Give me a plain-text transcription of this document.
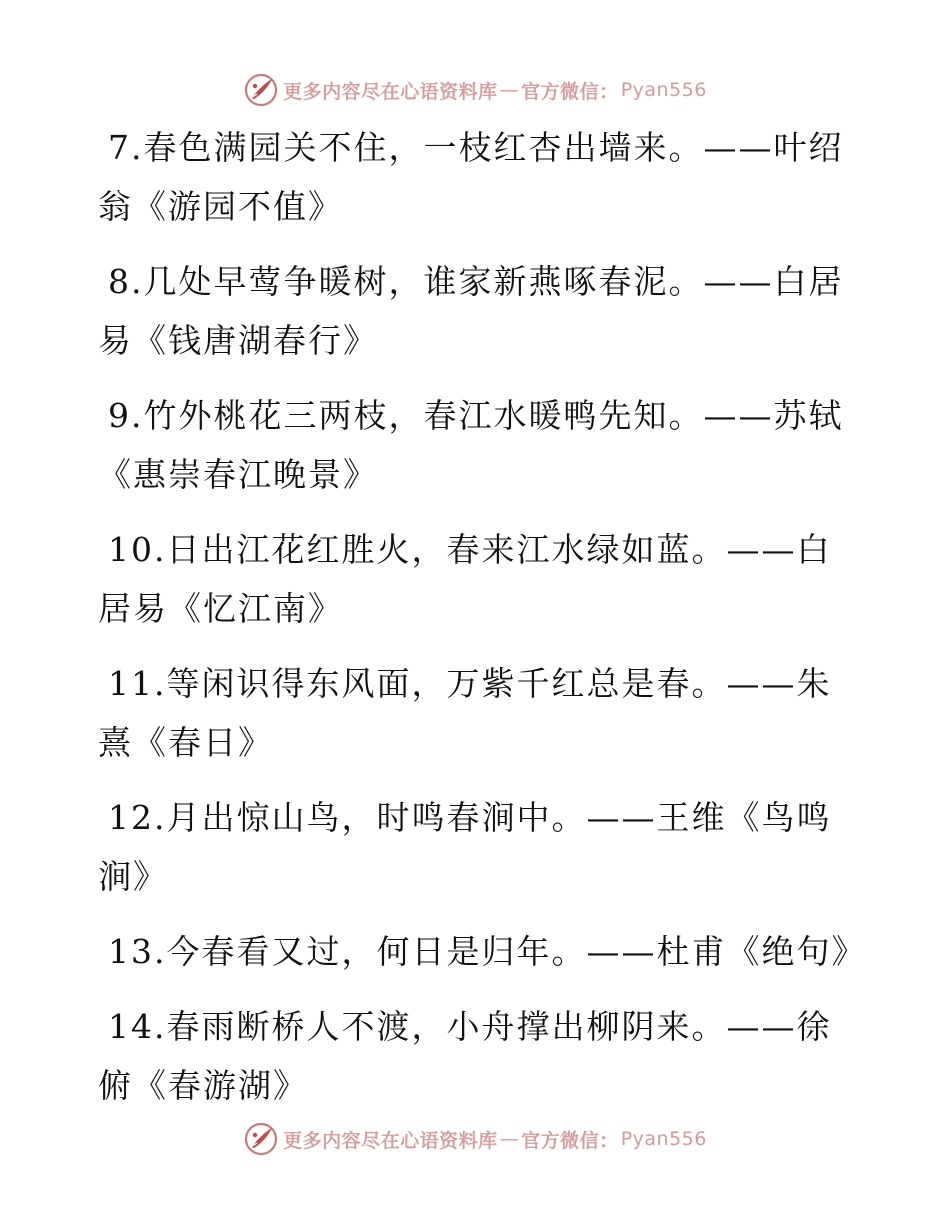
更多内容尽在心语资料库 — 官方微信： Pyan556

7.春色满园关不住，一枝红杏出墙来。——叶绍翁《游园不值》

8.几处早莺争暖树，谁家新燕啄春泥。——白居易《钱唐湖春行》

9.竹外桃花三两枝，春江水暖鸭先知。——苏轼《惠崇春江晚景》

10.日出江花红胜火，春来江水绿如蓝。——白居易《忆江南》

11.等闲识得东风面，万紫千红总是春。——朱熹《春日》

12.月出惊山鸟，时鸣春涧中。——王维《鸟鸣涧》

13.今春看又过，何日是归年。——杜甫《绝句》

14.春雨断桥人不渡，小舟撑出柳阴来。——徐俯《春游湖》

更多内容尽在心语资料库 — 官方微信： Pyan556
